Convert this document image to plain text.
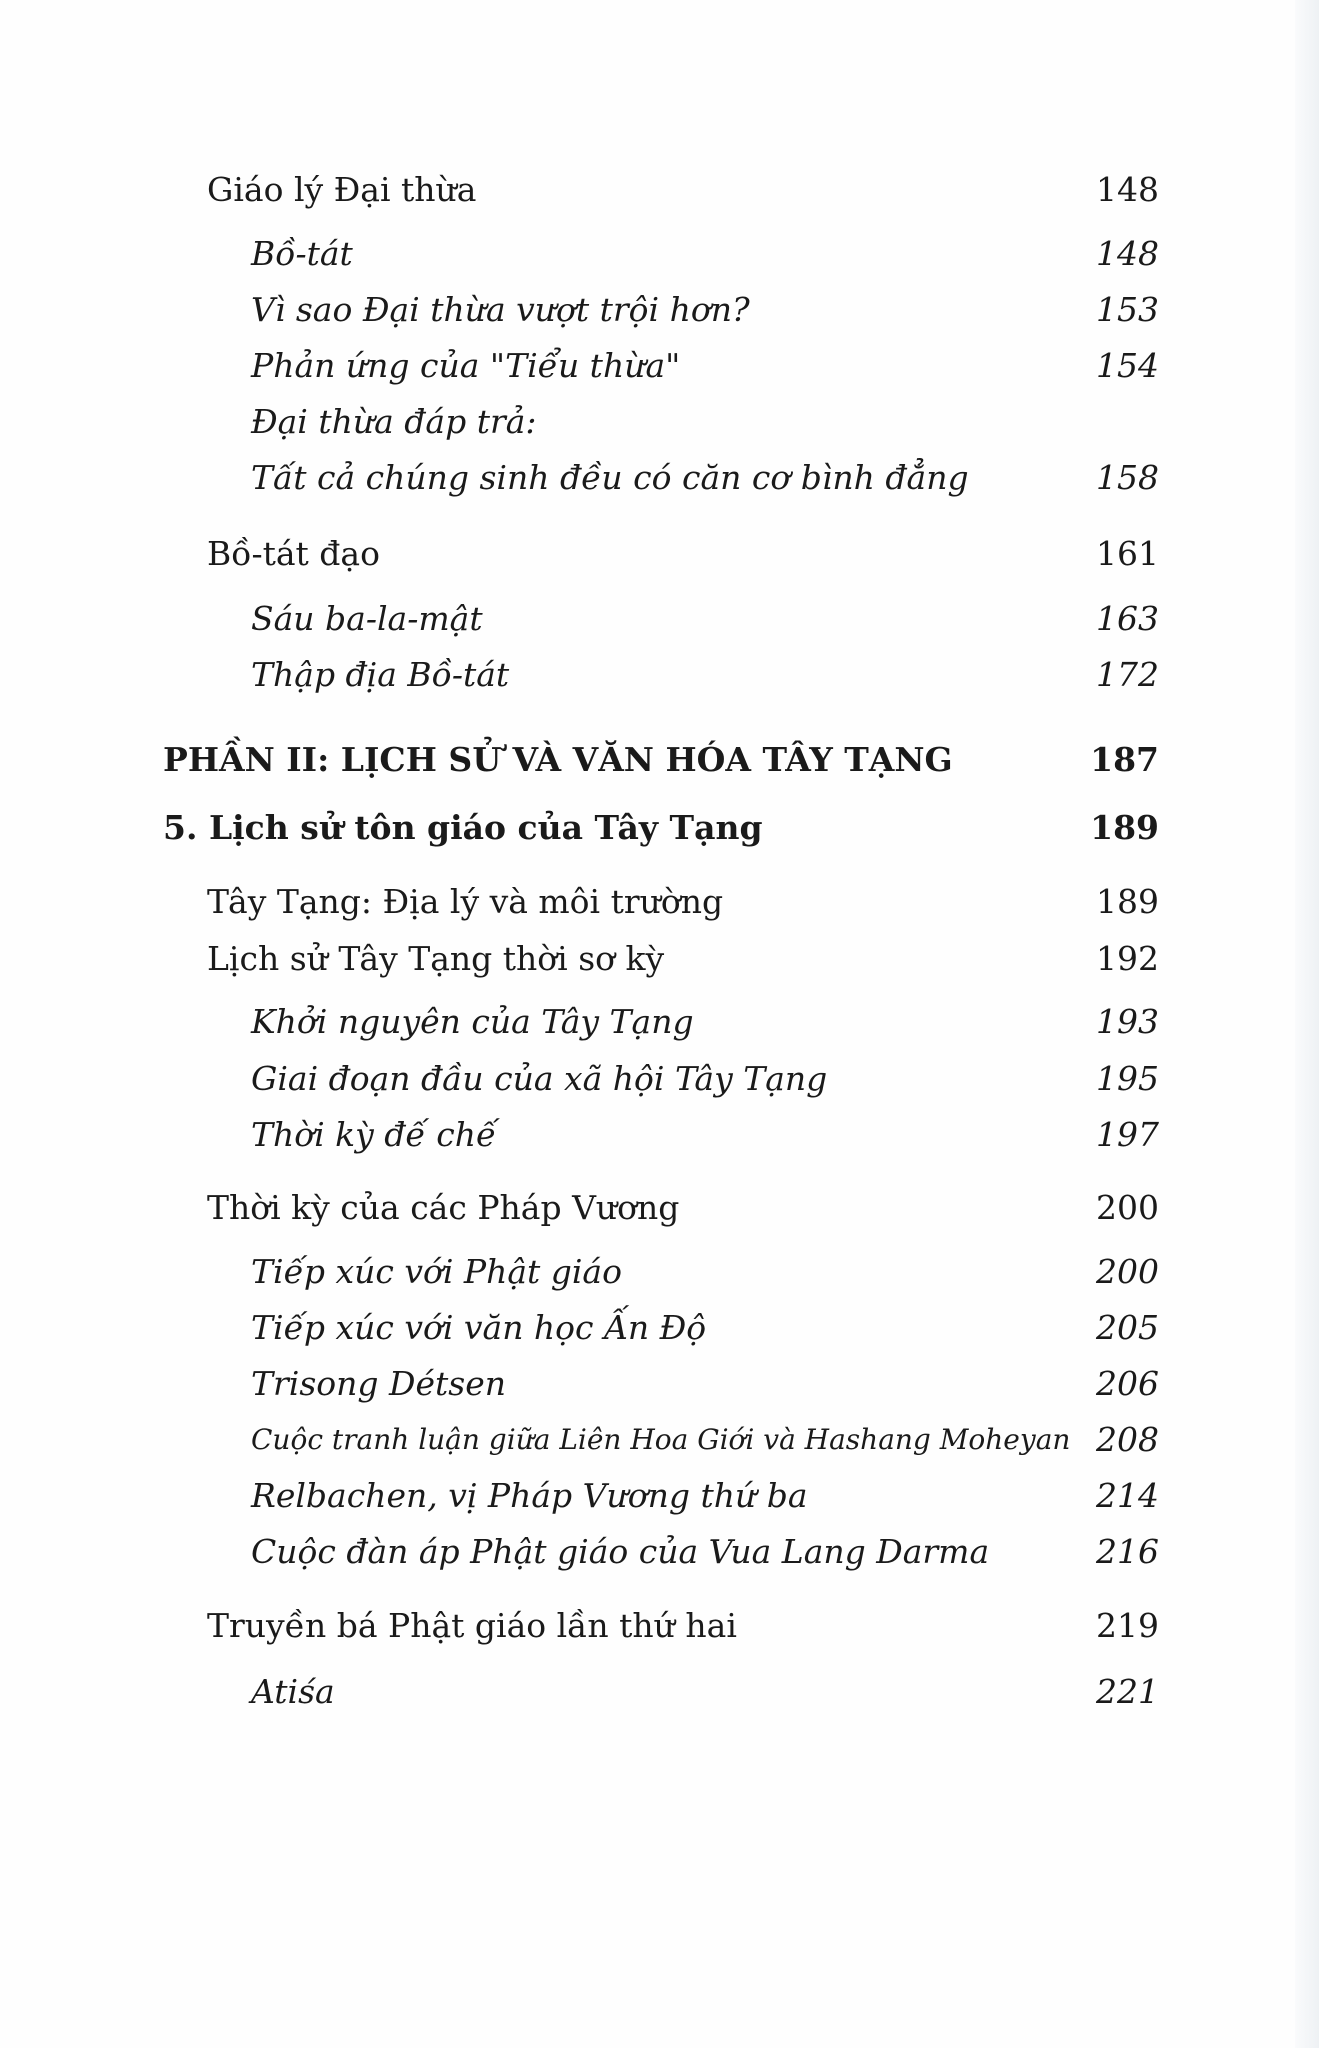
Giáo lý Đại thừa	148
Bồ-tát	148
Vì sao Đại thừa vượt trội hơn?	153
Phản ứng của "Tiểu thừa"	154
Đại thừa đáp trả:
Tất cả chúng sinh đều có căn cơ bình đẳng	158
Bồ-tát đạo	161
Sáu ba-la-mật	163
Thập địa Bồ-tát	172
PHẦN II: LỊCH SỬ VÀ VĂN HÓA TÂY TẠNG	187
5. Lịch sử tôn giáo của Tây Tạng	189
Tây Tạng: Địa lý và môi trường	189
Lịch sử Tây Tạng thời sơ kỳ	192
Khởi nguyên của Tây Tạng	193
Giai đoạn đầu của xã hội Tây Tạng	195
Thời kỳ đế chế	197
Thời kỳ của các Pháp Vương	200
Tiếp xúc với Phật giáo	200
Tiếp xúc với văn học Ấn Độ	205
Trisong Détsen	206
Cuộc tranh luận giữa Liên Hoa Giới và Hashang Moheyan 208
Relbachen, vị Pháp Vương thứ ba	214
Cuộc đàn áp Phật giáo của Vua Lang Darma	216
Truyền bá Phật giáo lần thứ hai	219
Atiśa	221
